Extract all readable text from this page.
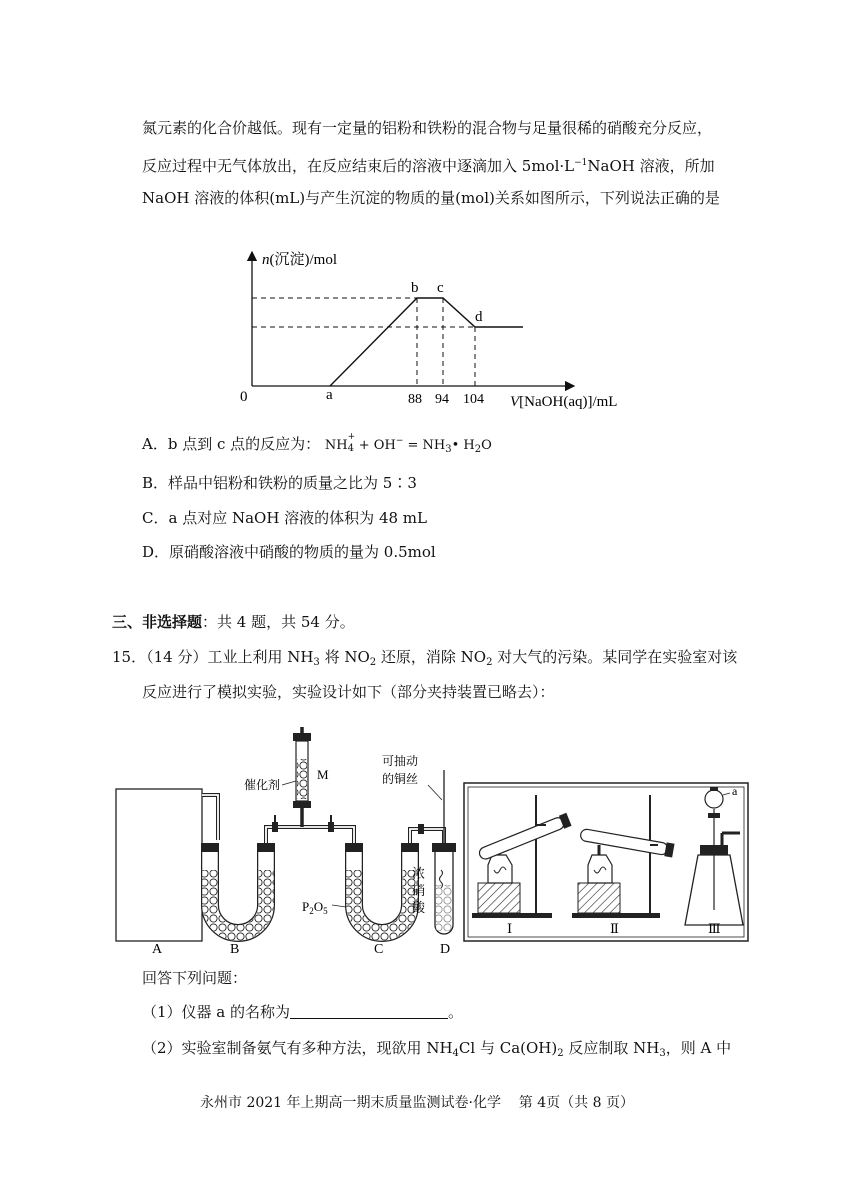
氮元素的化合价越低。现有一定量的铝粉和铁粉的混合物与足量很稀的硝酸充分反应，
反应过程中无气体放出，在反应结束后的溶液中逐滴加入 $5mol\cdot L^{-1}NaOH$ 溶液，所加
NaOH 溶液的体积(mL)与产生沉淀的物质的量(mol)关系如图所示，下列说法正确的是
n(沉淀)/mol
0	a
b c
d
88 94 104 V[NaOH(aq)]/mL
A．b 点到 c 点的反应为： NH
+
$4 + OH^- = NH_3•$ $H_2O$
B．样品中铝粉和铁粉的质量之比为 5∶3
C．a 点对应 NaOH 溶液的体积为 48 mL
D．原硝酸溶液中硝酸的物质的量为 0.5mol
三、非选择题：共 4 题，共 54 分。
15．（14 分）工业上利用 $NH_3$ 将 $NO_2$ 还原，消除 $NO_2$ 对大气的污染。某同学在实验室对该
反应进行了模拟实验，实验设计如下（部分夹持装置已略去）：
催化剂
M
$P_2O_5$
可抽动
的铜丝
浓
硝
酸
A	B	C	D
Ⅰ	Ⅱ
a
Ⅲ
回答下列问题：
（1）仪器 a 的名称为	。
（2）实验室制备氨气有多种方法，现欲用 $NH_4Cl$ 与 $Ca(OH)_2$ 反应制取 $NH_3$，则 A 中
永州市 2021 年上期高一期末质量监测试卷·化学    第 4页（共 8 页）
